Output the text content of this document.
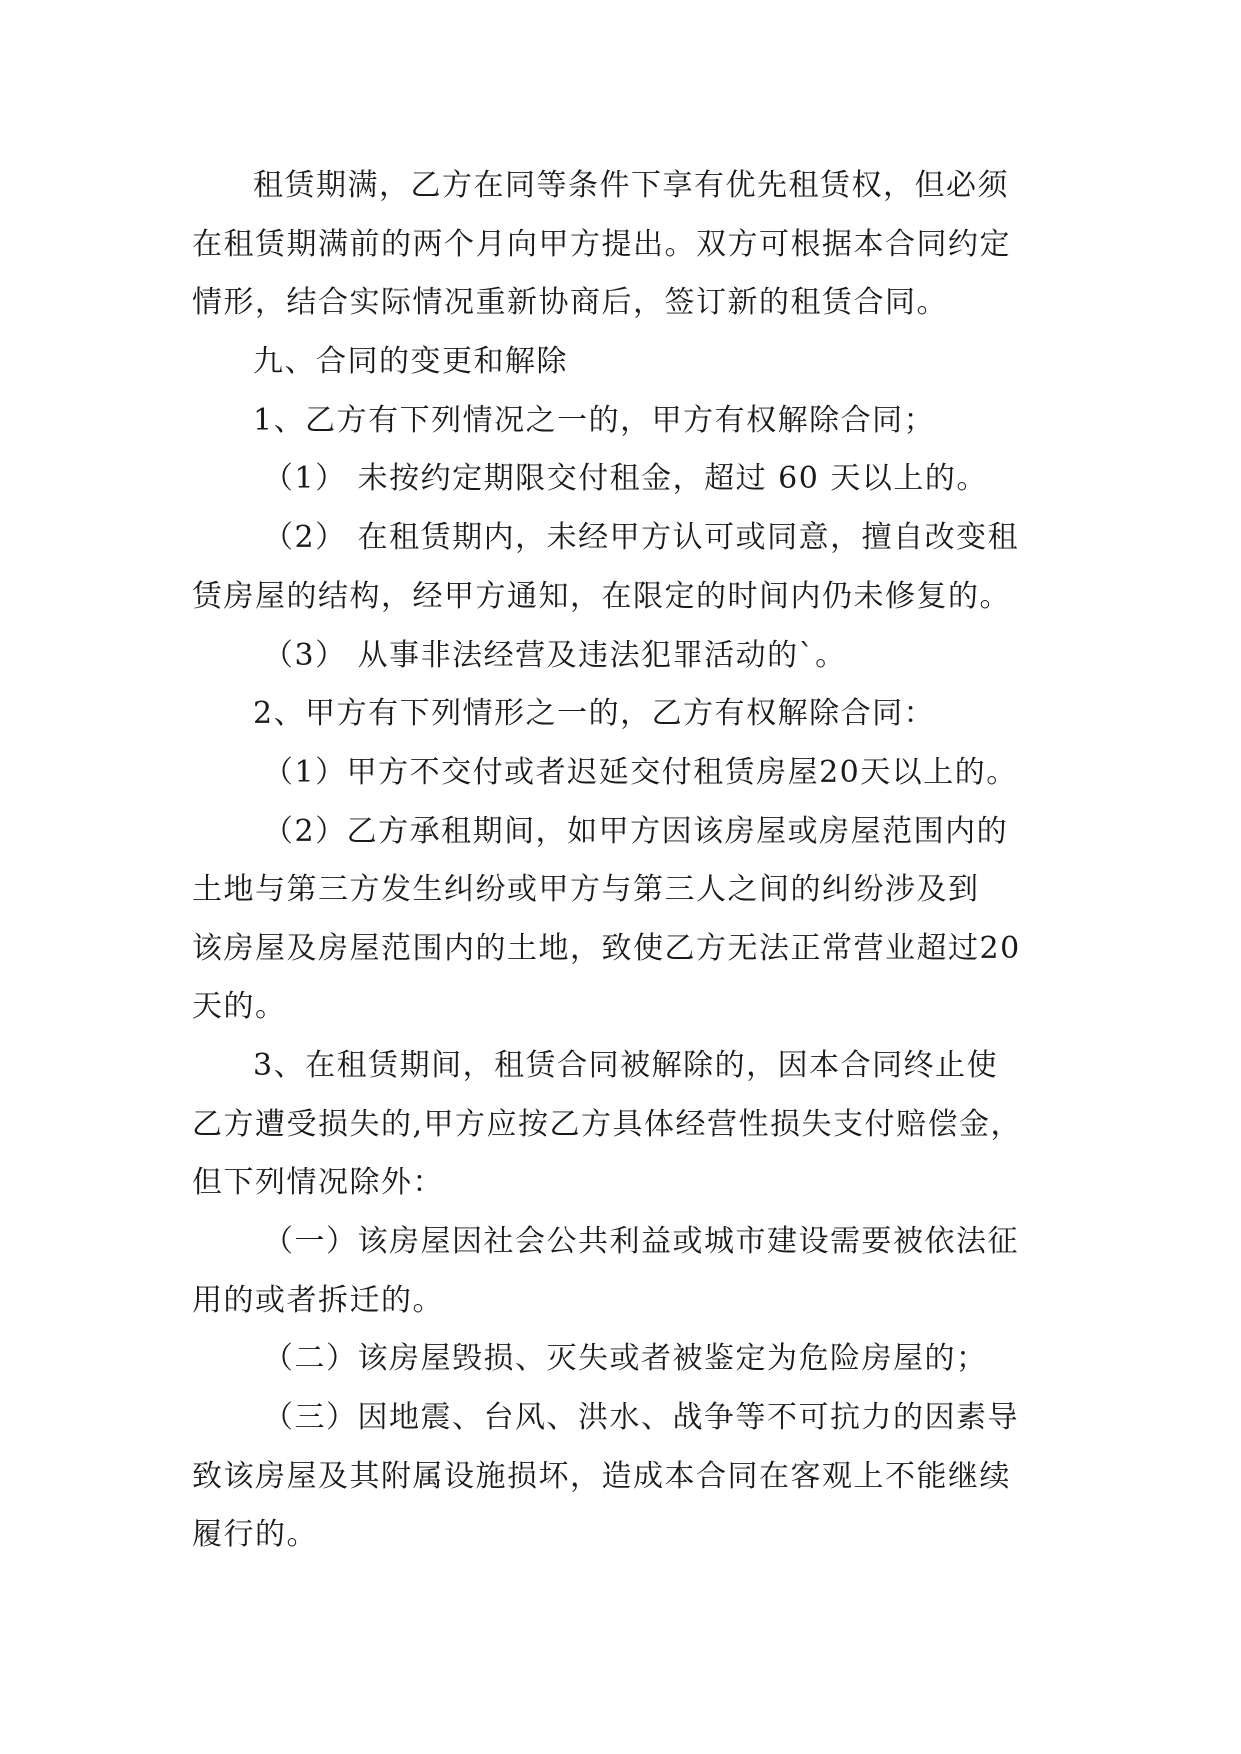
租赁期满，乙方在同等条件下享有优先租赁权，但必须
在租赁期满前的两个月向甲方提出。双方可根据本合同约定
情形，结合实际情况重新协商后，签订新的租赁合同。
九、合同的变更和解除
1、乙方有下列情况之一的，甲方有权解除合同；
（1） 未按约定期限交付租金，超过 60 天以上的。
（2） 在租赁期内，未经甲方认可或同意，擅自改变租
赁房屋的结构，经甲方通知，在限定的时间内仍未修复的。
（3） 从事非法经营及违法犯罪活动的`。
2、甲方有下列情形之一的，乙方有权解除合同：
（1）甲方不交付或者迟延交付租赁房屋20天以上的。
（2）乙方承租期间，如甲方因该房屋或房屋范围内的
土地与第三方发生纠纷或甲方与第三人之间的纠纷涉及到
该房屋及房屋范围内的土地，致使乙方无法正常营业超过20
天的。
3、在租赁期间，租赁合同被解除的，因本合同终止使
乙方遭受损失的,甲方应按乙方具体经营性损失支付赔偿金，
但下列情况除外：
（一）该房屋因社会公共利益或城市建设需要被依法征
用的或者拆迁的。
（二）该房屋毁损、灭失或者被鉴定为危险房屋的；
（三）因地震、台风、洪水、战争等不可抗力的因素导
致该房屋及其附属设施损坏，造成本合同在客观上不能继续
履行的。
